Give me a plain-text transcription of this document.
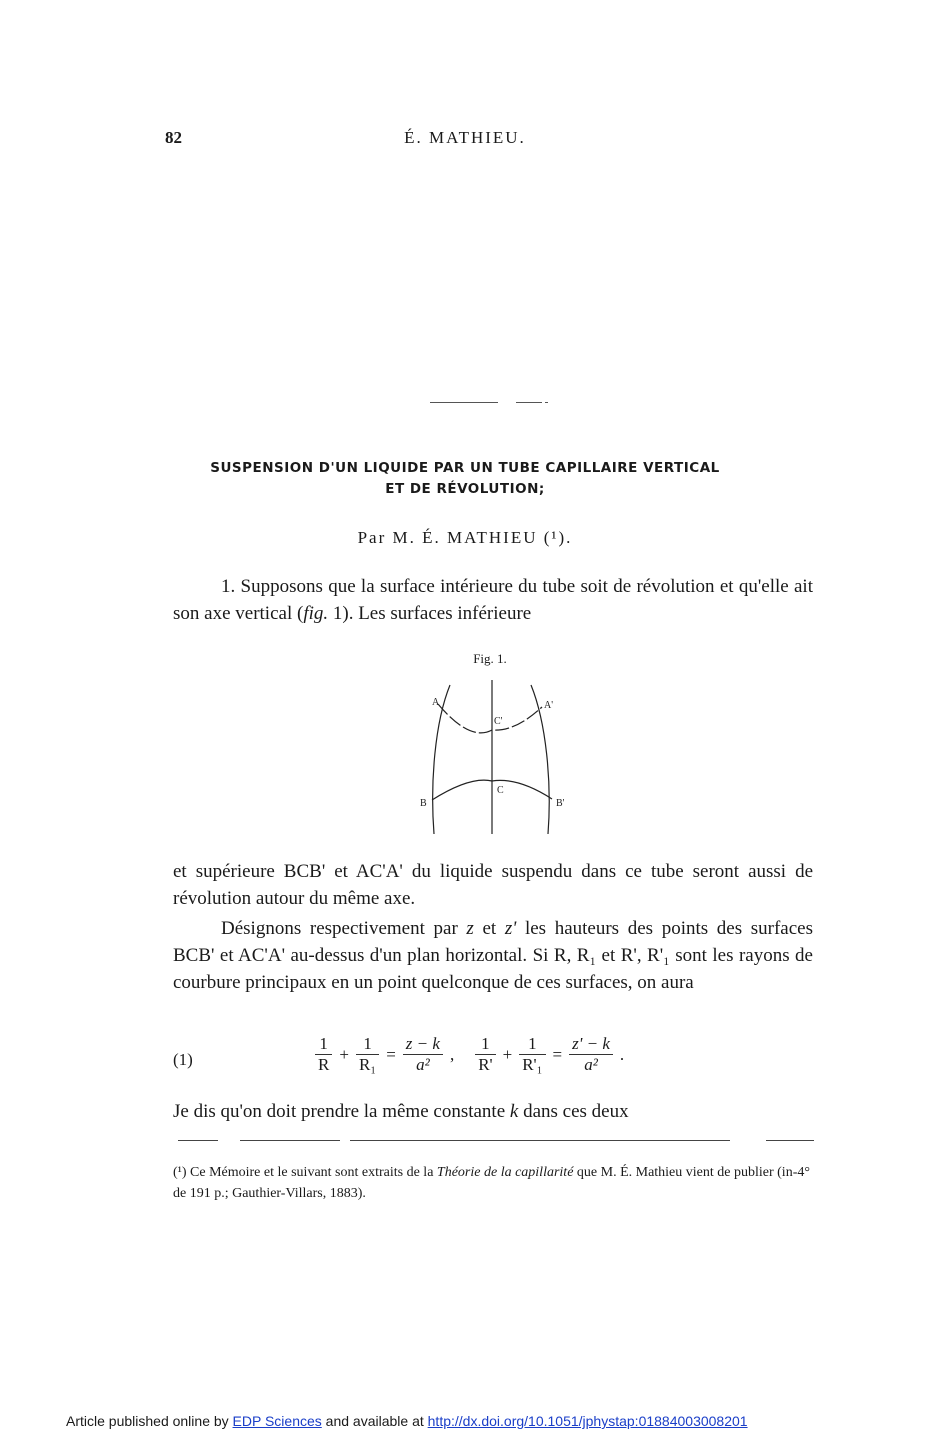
82	É. MATHIEU.
SUSPENSION D'UN LIQUIDE PAR UN TUBE CAPILLAIRE VERTICAL
ET DE RÉVOLUTION;
Par M. É. MATHIEU (¹).
1. Supposons que la surface intérieure du tube soit de révolution et qu'elle ait son axe vertical (fig. 1). Les surfaces inférieure
Fig. 1.
A	A'
C'
C
B	B'
et supérieure BCB' et AC'A' du liquide suspendu dans ce tube seront aussi de révolution autour du même axe.
Désignons respectivement par z et z' les hauteurs des points des surfaces BCB' et AC'A' au-dessus d'un plan horizontal. Si R, R₁ et R', R'₁ sont les rayons de courbure principaux en un point quelconque de ces surfaces, on aura
(1)	$\frac{1}{R} + \frac{1}{\text{R₁}} = \frac{z - k}{\text{a²}}$ , $\frac{1}{R'} + \frac{1}{\text{R'₁}} = \frac{z' - k}{\text{a²}}$ .
Je dis qu'on doit prendre la même constante k dans ces deux
(¹) Ce Mémoire et le suivant sont extraits de la Théorie de la capillarité que M. É. Mathieu vient de publier (in-4° de 191 p.; Gauthier-Villars, 1883).
Article published online by EDP Sciences and available at http://dx.doi.org/10.1051/jphystap:01884003008201
